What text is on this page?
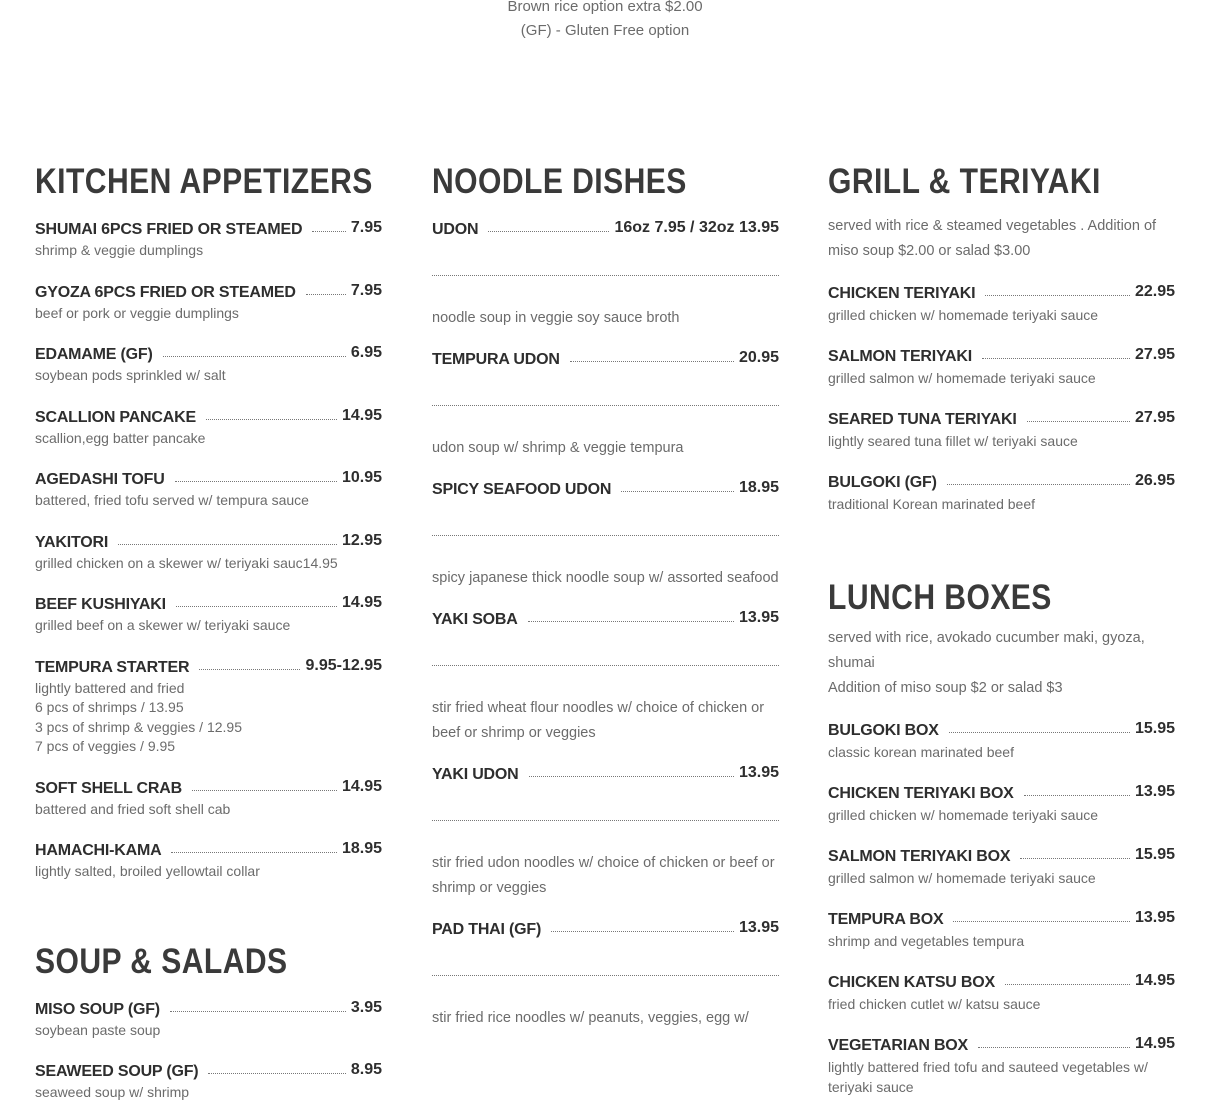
Brown rice option extra $2.00
(GF) - Gluten Free option
KITCHEN APPETIZERS
SHUMAI 6PCS FRIED OR STEAMED	7.95
shrimp & veggie dumplings
GYOZA 6PCS FRIED OR STEAMED	7.95
beef or pork or veggie dumplings
EDAMAME (GF)	6.95
soybean pods sprinkled w/ salt
SCALLION PANCAKE	14.95
scallion,egg batter pancake
AGEDASHI TOFU	10.95
battered, fried tofu served w/ tempura sauce
YAKITORI	12.95
grilled chicken on a skewer w/ teriyaki sauc14.95
BEEF KUSHIYAKI	14.95
grilled beef on a skewer w/ teriyaki sauce
TEMPURA STARTER	9.95-12.95
lightly battered and fried
6 pcs of shrimps / 13.95
3 pcs of shrimp & veggies / 12.95
7 pcs of veggies / 9.95
SOFT SHELL CRAB	14.95
battered and fried soft shell cab
HAMACHI-KAMA	18.95
lightly salted, broiled yellowtail collar
SOUP & SALADS
MISO SOUP (GF)	3.95
soybean paste soup
SEAWEED SOUP (GF)	8.95
seaweed soup w/ shrimp
NOODLE DISHES
UDON	16oz 7.95 / 32oz 13.95
noodle soup in veggie soy sauce broth
TEMPURA UDON	20.95
udon soup w/ shrimp & veggie tempura
SPICY SEAFOOD UDON	18.95
spicy japanese thick noodle soup w/ assorted seafood
YAKI SOBA	13.95
stir fried wheat flour noodles w/ choice of chicken or beef or shrimp or veggies
YAKI UDON	13.95
stir fried udon noodles w/ choice of chicken or beef or shrimp or veggies
PAD THAI (GF)	13.95
stir fried rice noodles w/ peanuts, veggies, egg w/
GRILL & TERIYAKI
served with rice & steamed vegetables . Addition of miso soup $2.00 or salad $3.00
CHICKEN TERIYAKI	22.95
grilled chicken w/ homemade teriyaki sauce
SALMON TERIYAKI	27.95
grilled salmon w/ homemade teriyaki sauce
SEARED TUNA TERIYAKI	27.95
lightly seared tuna fillet w/ teriyaki sauce
BULGOKI (GF)	26.95
traditional Korean marinated beef
LUNCH BOXES
served with rice, avokado cucumber maki, gyoza, shumai
Addition of miso soup $2 or salad $3
BULGOKI BOX	15.95
classic korean marinated beef
CHICKEN TERIYAKI BOX	13.95
grilled chicken w/ homemade teriyaki sauce
SALMON TERIYAKI BOX	15.95
grilled salmon w/ homemade teriyaki sauce
TEMPURA BOX	13.95
shrimp and vegetables tempura
CHICKEN KATSU BOX	14.95
fried chicken cutlet w/ katsu sauce
VEGETARIAN BOX	14.95
lightly battered fried tofu and sauteed vegetables w/ teriyaki sauce
